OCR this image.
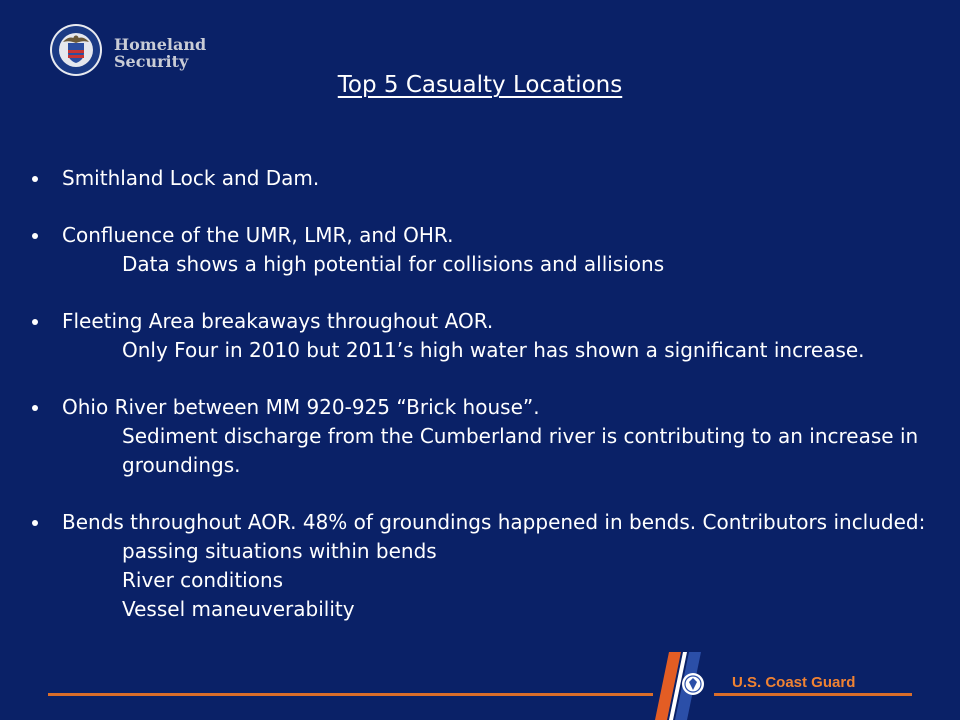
Homeland
Security
Top 5 Casualty Locations
Smithland Lock and Dam.
Confluence of the UMR, LMR, and OHR.
Data shows a high potential for collisions and allisions
Fleeting Area breakaways throughout AOR.
Only Four in 2010 but 2011’s high water has shown a significant increase.
Ohio River between MM 920-925 “Brick house”.
Sediment discharge from the Cumberland river is contributing to an increase in groundings.
Bends throughout AOR. 48% of groundings happened in bends. Contributors included:
passing situations within bends
River conditions
Vessel maneuverability
U.S. Coast Guard
